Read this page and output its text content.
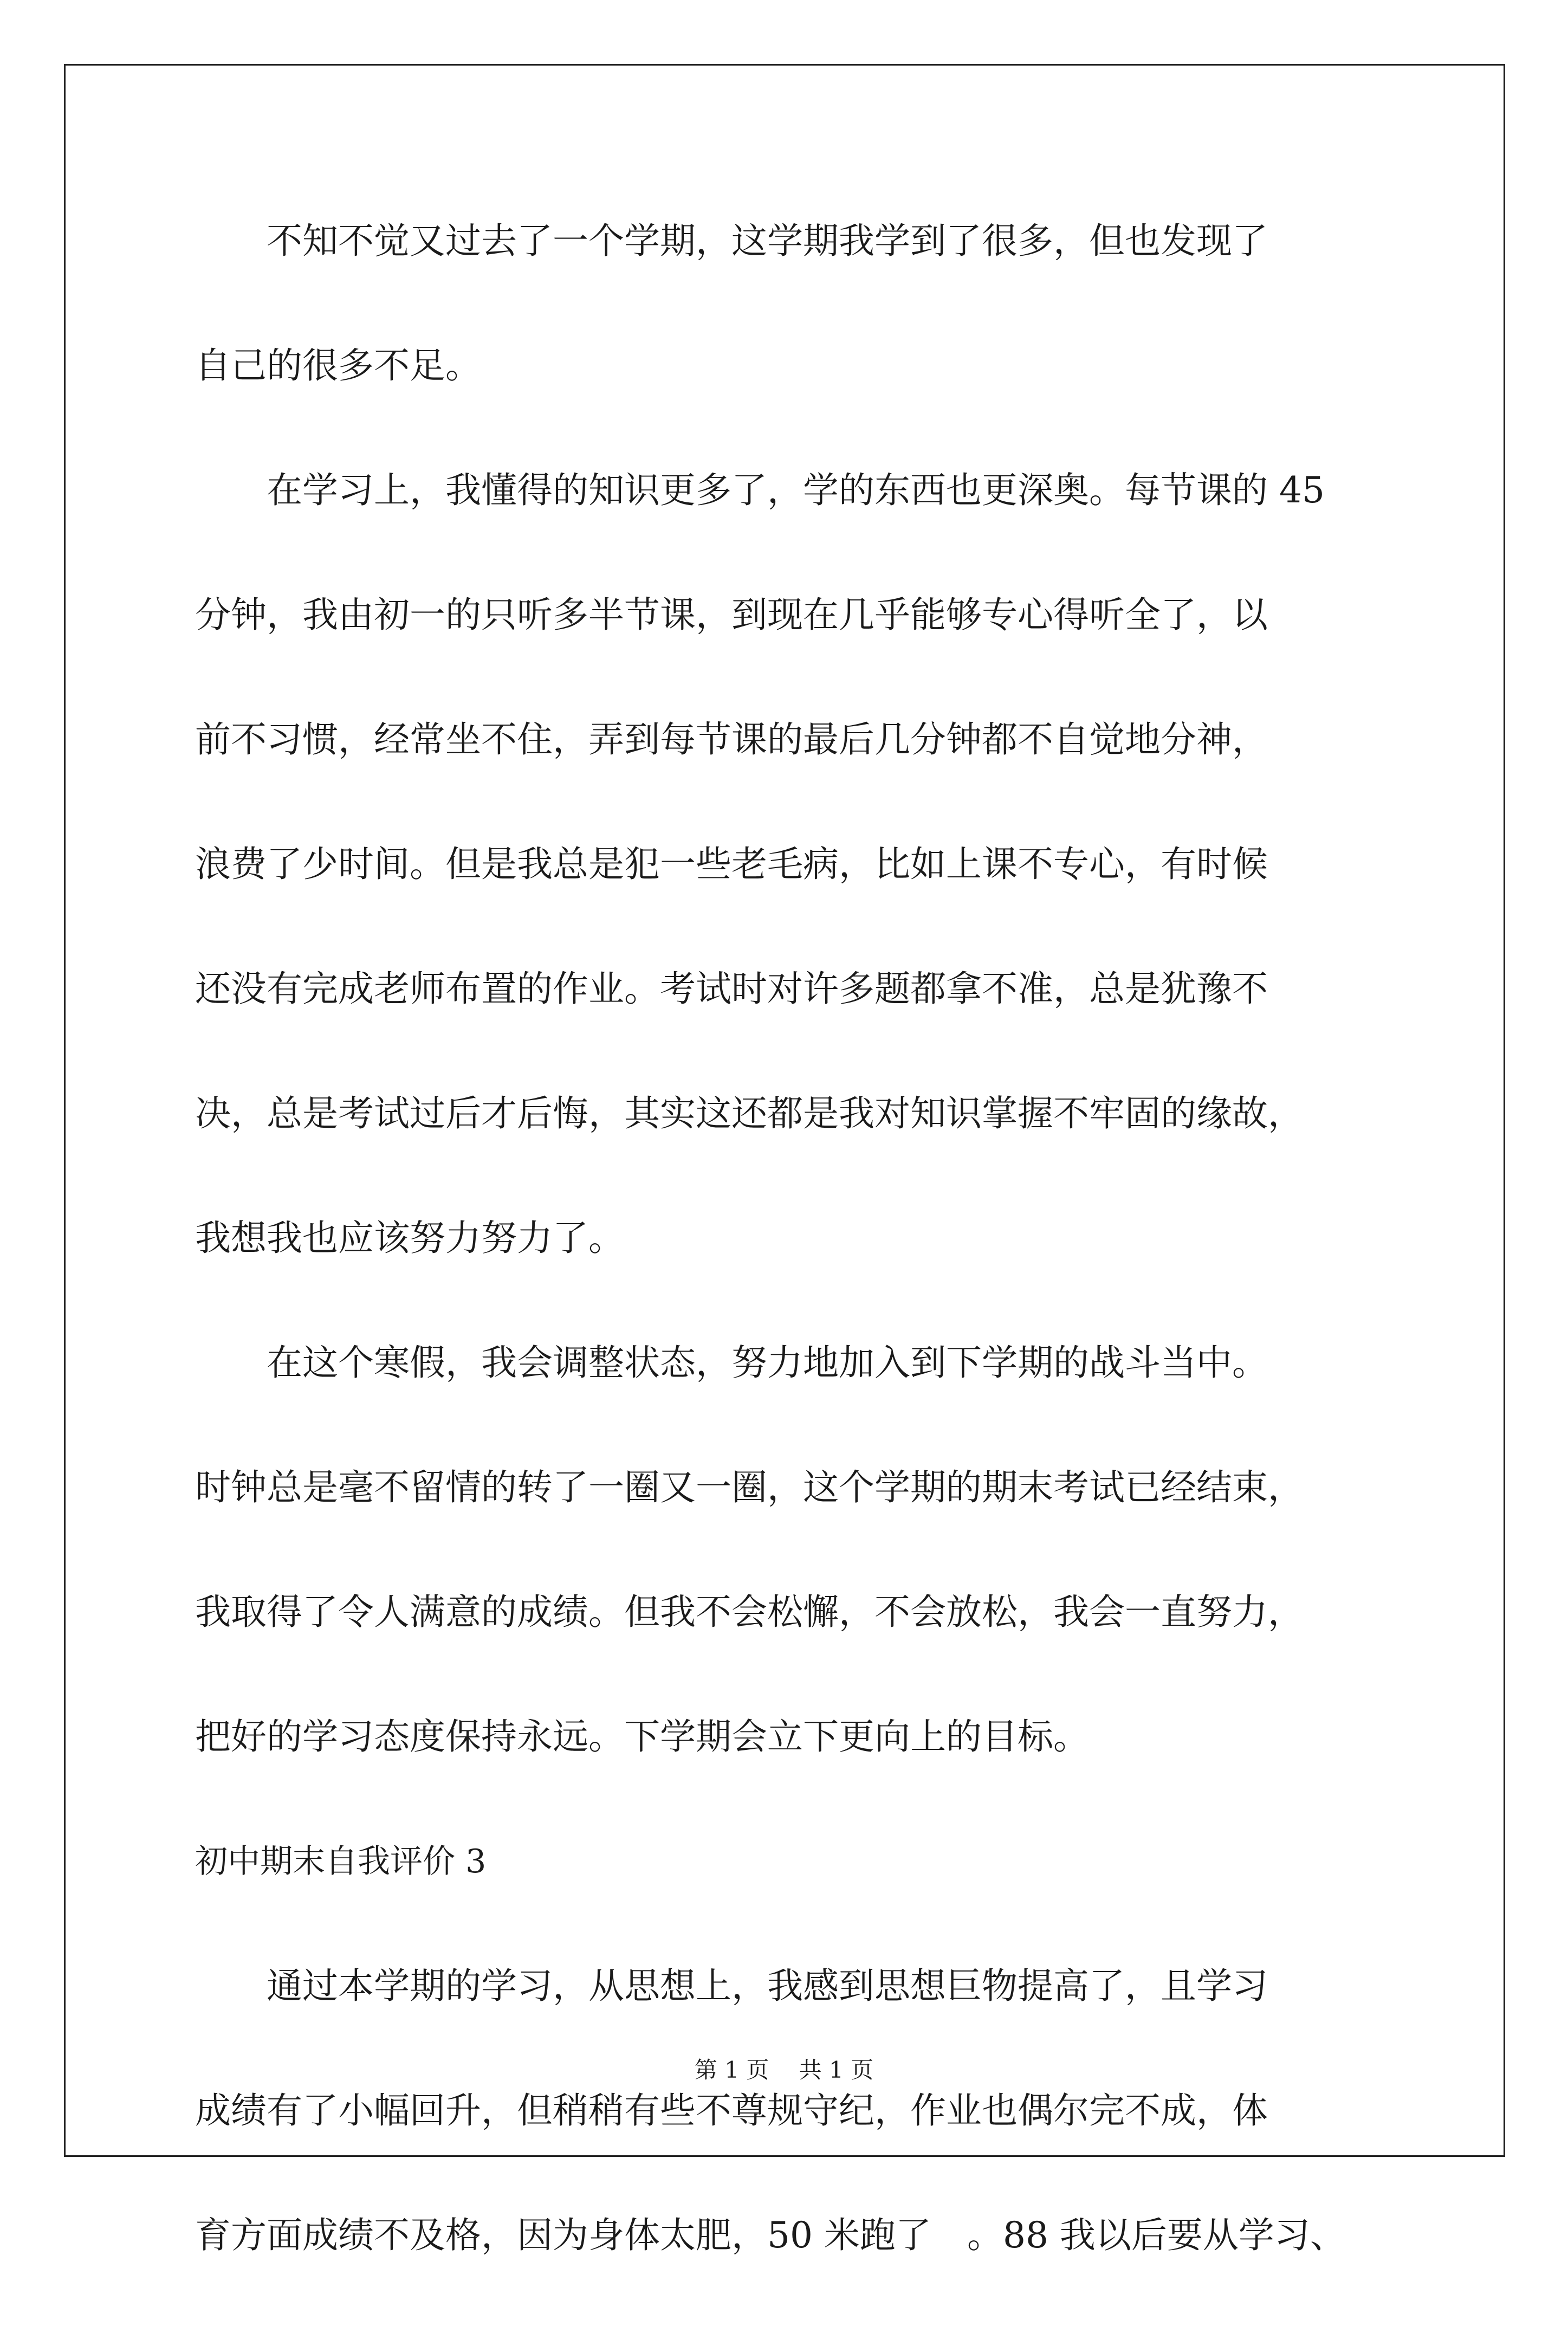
不知不觉又过去了一个学期，这学期我学到了很多，但也发现了
自己的很多不足。
在学习上，我懂得的知识更多了，学的东西也更深奥。每节课的 45
分钟，我由初一的只听多半节课，到现在几乎能够专心得听全了，以
前不习惯，经常坐不住，弄到每节课的最后几分钟都不自觉地分神，
浪费了少时间。但是我总是犯一些老毛病，比如上课不专心，有时候
还没有完成老师布置的作业。考试时对许多题都拿不准，总是犹豫不
决，总是考试过后才后悔，其实这还都是我对知识掌握不牢固的缘故，
我想我也应该努力努力了。
在这个寒假，我会调整状态，努力地加入到下学期的战斗当中。
时钟总是毫不留情的转了一圈又一圈，这个学期的期末考试已经结束，
我取得了令人满意的成绩。但我不会松懈，不会放松，我会一直努力，
把好的学习态度保持永远。下学期会立下更向上的目标。
初中期末自我评价 3
通过本学期的学习，从思想上，我感到思想巨物提高了，且学习
成绩有了小幅回升，但稍稍有些不尊规守纪，作业也偶尔完不成，体
育方面成绩不及格，因为身体太肥，50 米跑了　。88 我以后要从学习、
第 1 页　 共 1 页
